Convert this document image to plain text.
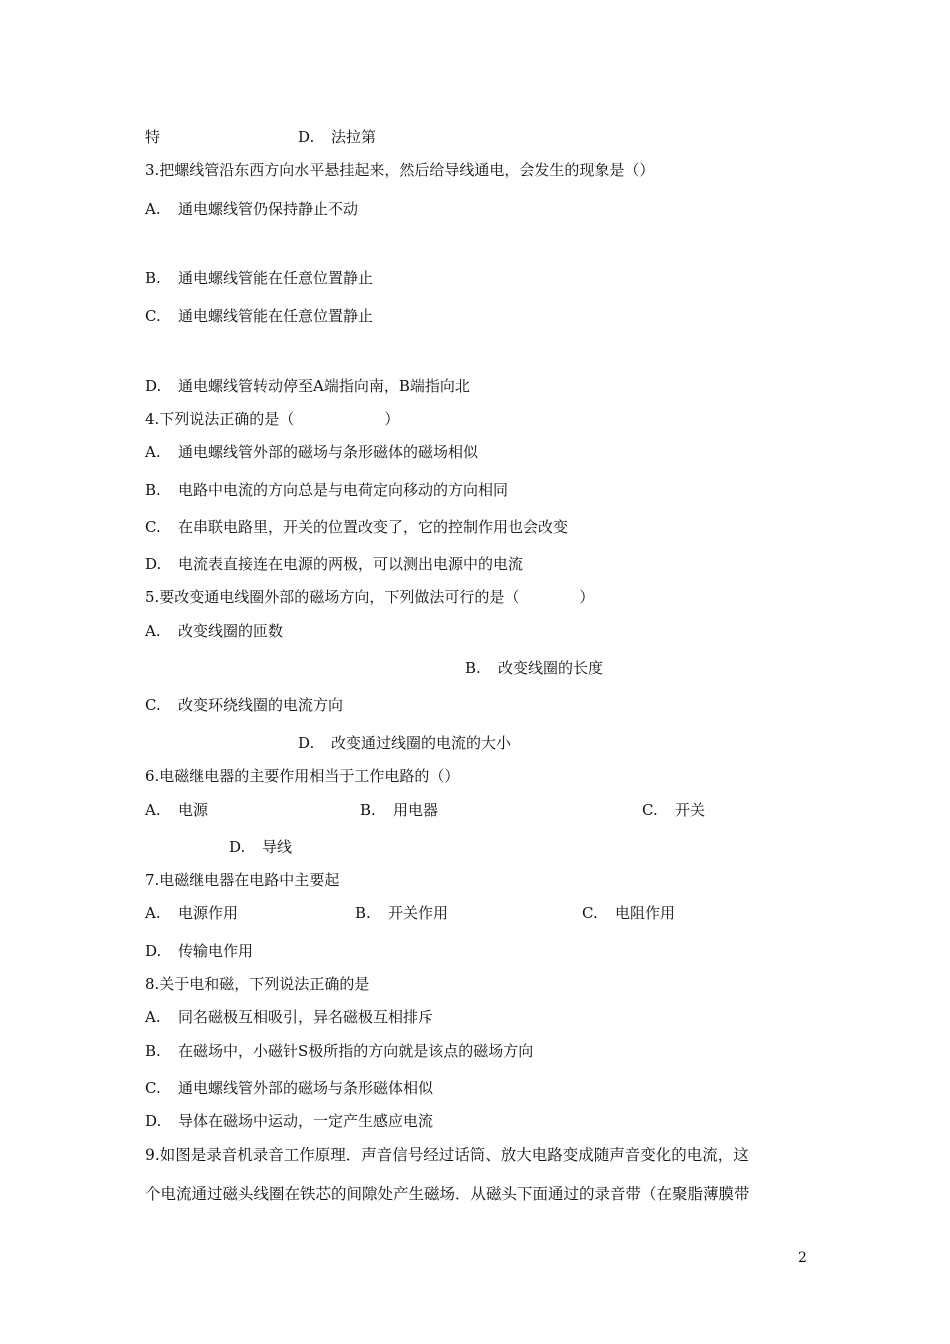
特	D. 法拉第
3.把螺线管沿东西方向水平悬挂起来，然后给导线通电，会发生的现象是（）
A. 通电螺线管仍保持静止不动
B. 通电螺线管能在任意位置静止
C. 通电螺线管能在任意位置静止
D. 通电螺线管转动停至A端指向南，B端指向北
4.下列说法正确的是（　　　　　　）
A. 通电螺线管外部的磁场与条形磁体的磁场相似
B. 电路中电流的方向总是与电荷定向移动的方向相同
C. 在串联电路里，开关的位置改变了，它的控制作用也会改变
D. 电流表直接连在电源的两极，可以测出电源中的电流
5.要改变通电线圈外部的磁场方向，下列做法可行的是（　　　　）
A. 改变线圈的匝数
B. 改变线圈的长度
C. 改变环绕线圈的电流方向
D. 改变通过线圈的电流的大小
6.电磁继电器的主要作用相当于工作电路的（）
A. 电源	B. 用电器	C. 开关
D. 导线
7.电磁继电器在电路中主要起
A. 电源作用	B. 开关作用	C. 电阻作用
D. 传输电作用
8.关于电和磁，下列说法正确的是
A. 同名磁极互相吸引，异名磁极互相排斥
B. 在磁场中，小磁针S极所指的方向就是该点的磁场方向
C. 通电螺线管外部的磁场与条形磁体相似
D. 导体在磁场中运动，一定产生感应电流
9.如图是录音机录音工作原理．声音信号经过话筒、放大电路变成随声音变化的电流，这
个电流通过磁头线圈在铁芯的间隙处产生磁场．从磁头下面通过的录音带（在聚脂薄膜带
2
